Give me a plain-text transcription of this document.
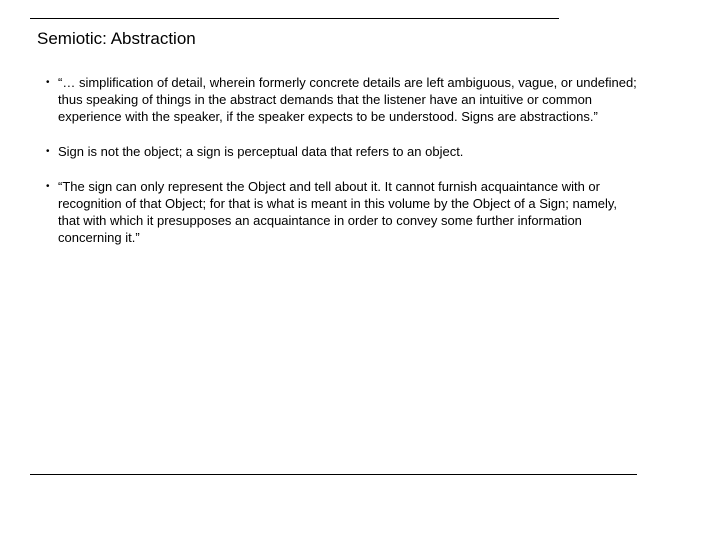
Semiotic: Abstraction
• “… simplification of detail, wherein formerly concrete details are left ambiguous, vague, or undefined; thus speaking of things in the abstract demands that the listener have an intuitive or common experience with the speaker, if the speaker expects to be understood. Signs are abstractions.”
• Sign is not the object; a sign is perceptual data that refers to an object.
• “The sign can only represent the Object and tell about it. It cannot furnish acquaintance with or recognition of that Object; for that is what is meant in this volume by the Object of a Sign; namely, that with which it presupposes an acquaintance in order to convey some further information concerning it.”
